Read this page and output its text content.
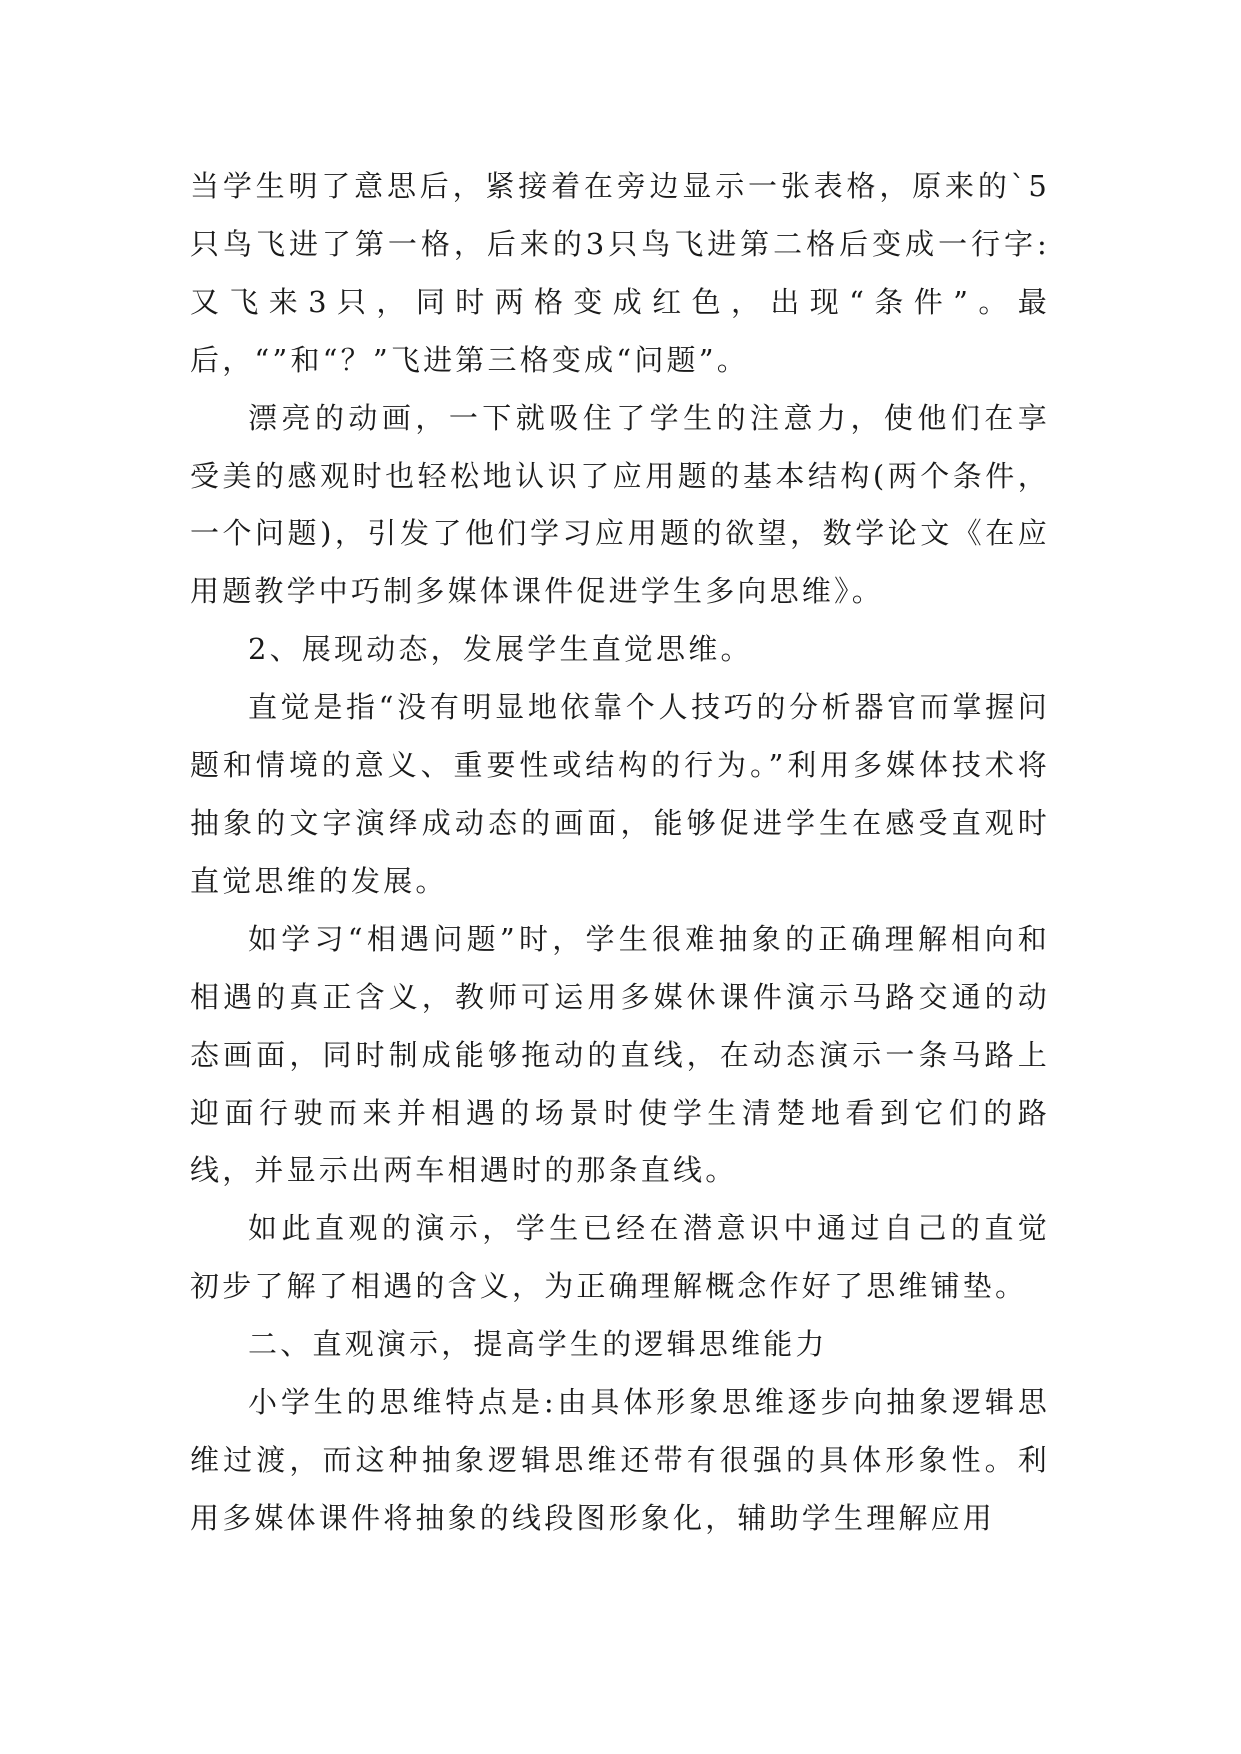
当学生明了意思后，紧接着在旁边显示一张表格，原来的`5只鸟飞进了第一格，后来的3只鸟飞进第二格后变成一行字:又飞来3只，同时两格变成红色，出现“条件”。最后，“”和“？”飞进第三格变成“问题”。

漂亮的动画，一下就吸住了学生的注意力，使他们在享受美的感观时也轻松地认识了应用题的基本结构(两个条件，一个问题)，引发了他们学习应用题的欲望，数学论文《在应用题教学中巧制多媒体课件促进学生多向思维》。

2、展现动态，发展学生直觉思维。

直觉是指“没有明显地依靠个人技巧的分析器官而掌握问题和情境的意义、重要性或结构的行为。”利用多媒体技术将抽象的文字演绎成动态的画面，能够促进学生在感受直观时直觉思维的发展。

如学习“相遇问题”时，学生很难抽象的正确理解相向和相遇的真正含义，教师可运用多媒休课件演示马路交通的动态画面，同时制成能够拖动的直线，在动态演示一条马路上迎面行驶而来并相遇的场景时使学生清楚地看到它们的路线，并显示出两车相遇时的那条直线。

如此直观的演示，学生已经在潜意识中通过自己的直觉初步了解了相遇的含义，为正确理解概念作好了思维铺垫。

二、直观演示，提高学生的逻辑思维能力

小学生的思维特点是:由具体形象思维逐步向抽象逻辑思维过渡，而这种抽象逻辑思维还带有很强的具体形象性。利用多媒体课件将抽象的线段图形象化，辅助学生理解应用
